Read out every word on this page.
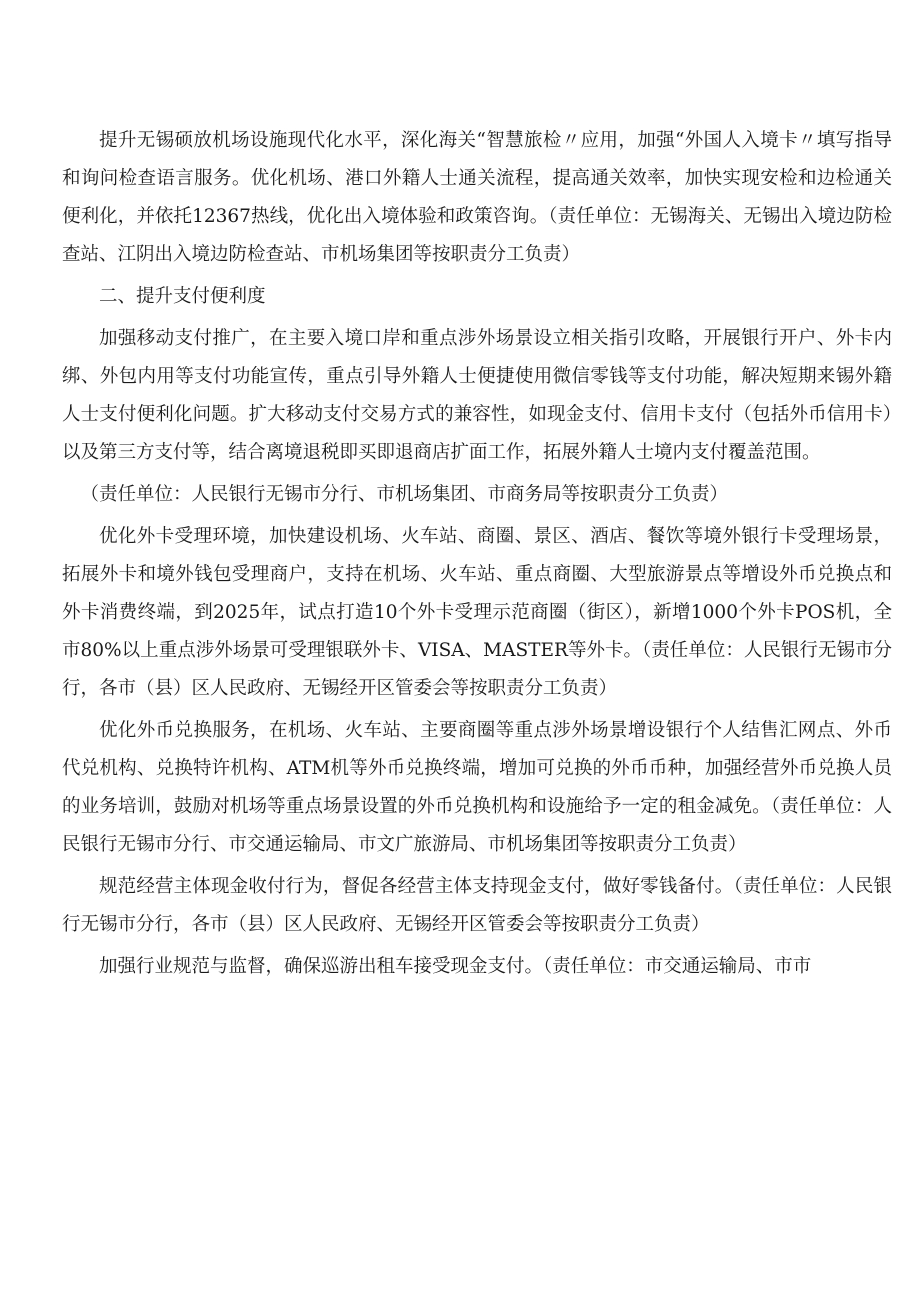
提升无锡硕放机场设施现代化水平，深化海关“智慧旅检〃应用，加强“外国人入境卡〃填写指导和询问检查语言服务。优化机场、港口外籍人士通关流程，提高通关效率，加快实现安检和边检通关便利化，并依托12367热线，优化出入境体验和政策咨询。（责任单位：无锡海关、无锡出入境边防检查站、江阴出入境边防检查站、市机场集团等按职责分工负责）

二、提升支付便利度

加强移动支付推广，在主要入境口岸和重点涉外场景设立相关指引攻略，开展银行开户、外卡内绑、外包内用等支付功能宣传，重点引导外籍人士便捷使用微信零钱等支付功能，解决短期来锡外籍人士支付便利化问题。扩大移动支付交易方式的兼容性，如现金支付、信用卡支付（包括外币信用卡）以及第三方支付等，结合离境退税即买即退商店扩面工作，拓展外籍人士境内支付覆盖范围。

（责任单位：人民银行无锡市分行、市机场集团、市商务局等按职责分工负责）

优化外卡受理环境，加快建设机场、火车站、商圈、景区、酒店、餐饮等境外银行卡受理场景，拓展外卡和境外钱包受理商户，支持在机场、火车站、重点商圈、大型旅游景点等增设外币兑换点和外卡消费终端，到2025年，试点打造10个外卡受理示范商圈（街区），新增1000个外卡POS机，全市80%以上重点涉外场景可受理银联外卡、VISA、MASTER等外卡。（责任单位：人民银行无锡市分行，各市（县）区人民政府、无锡经开区管委会等按职责分工负责）

优化外币兑换服务，在机场、火车站、主要商圈等重点涉外场景增设银行个人结售汇网点、外币代兑机构、兑换特许机构、ATM机等外币兑换终端，增加可兑换的外币币种，加强经营外币兑换人员的业务培训，鼓励对机场等重点场景设置的外币兑换机构和设施给予一定的租金减免。（责任单位：人民银行无锡市分行、市交通运输局、市文广旅游局、市机场集团等按职责分工负责）

规范经营主体现金收付行为，督促各经营主体支持现金支付，做好零钱备付。（责任单位：人民银行无锡市分行，各市（县）区人民政府、无锡经开区管委会等按职责分工负责）

加强行业规范与监督，确保巡游出租车接受现金支付。（责任单位：市交通运输局、市市
